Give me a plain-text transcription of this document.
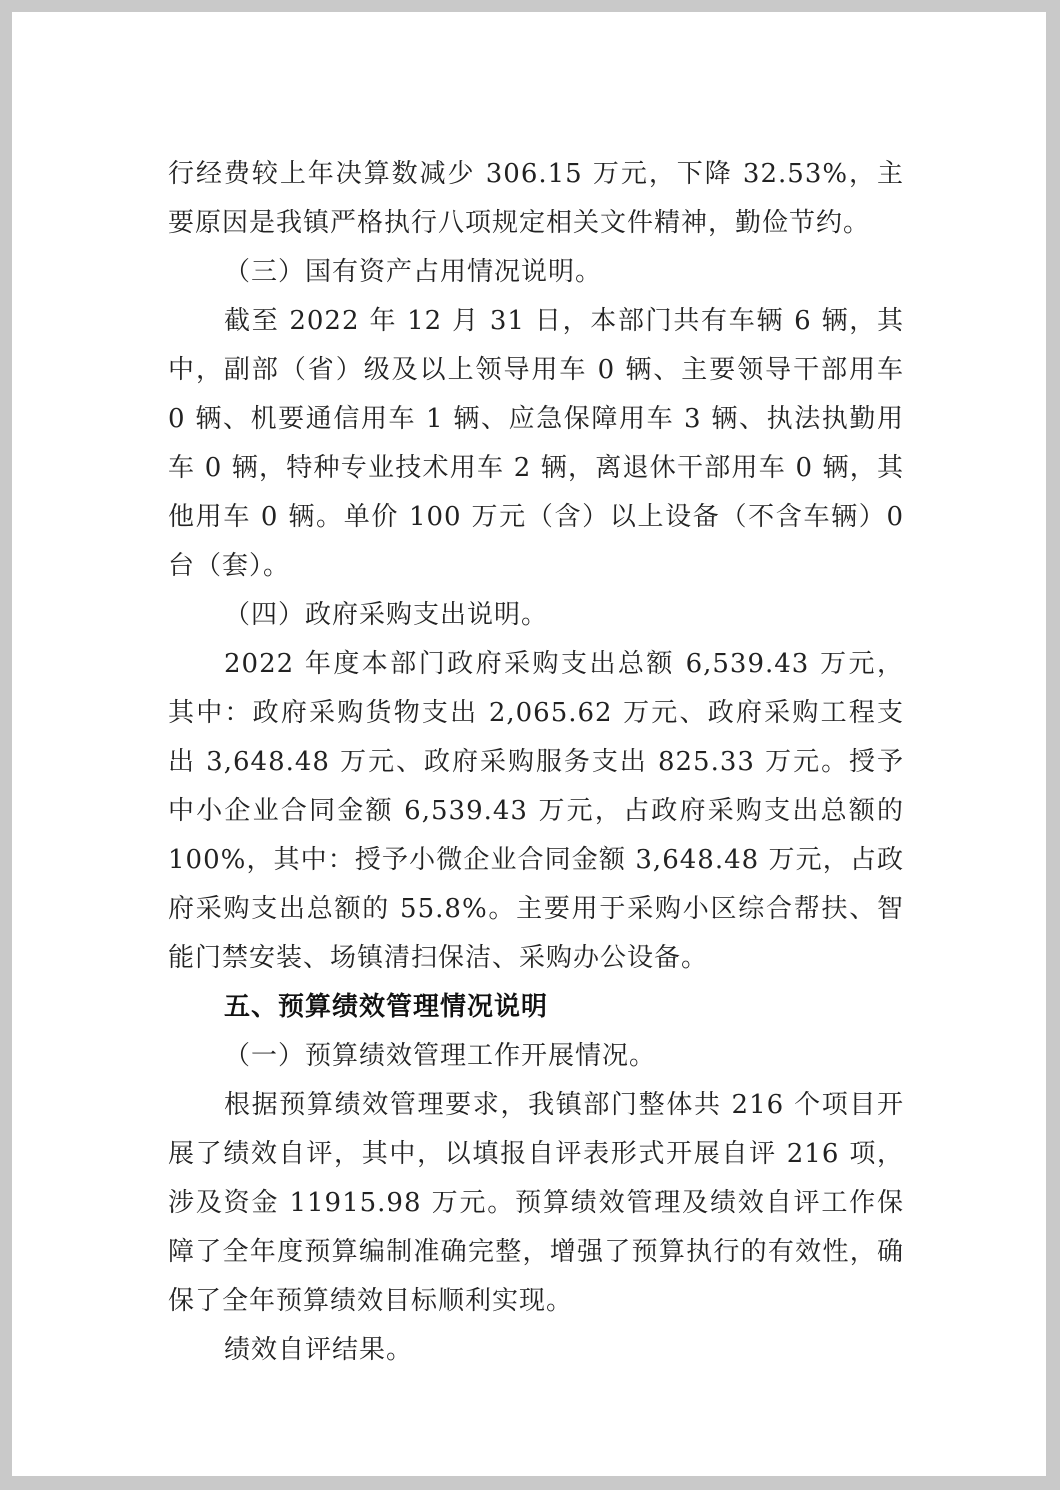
行经费较上年决算数减少 306.15 万元，下降 32.53%，主要原因是我镇严格执行八项规定相关文件精神，勤俭节约。

（三）国有资产占用情况说明。

截至 2022 年 12 月 31 日，本部门共有车辆 6 辆，其中，副部（省）级及以上领导用车 0 辆、主要领导干部用车 0 辆、机要通信用车 1 辆、应急保障用车 3 辆、执法执勤用车 0 辆，特种专业技术用车 2 辆，离退休干部用车 0 辆，其他用车 0 辆。单价 100 万元（含）以上设备（不含车辆）0 台（套）。

（四）政府采购支出说明。

2022 年度本部门政府采购支出总额 6,539.43 万元，其中：政府采购货物支出 2,065.62 万元、政府采购工程支出 3,648.48 万元、政府采购服务支出 825.33 万元。授予中小企业合同金额 6,539.43 万元，占政府采购支出总额的 100%，其中：授予小微企业合同金额 3,648.48 万元，占政府采购支出总额的 55.8%。主要用于采购小区综合帮扶、智能门禁安装、场镇清扫保洁、采购办公设备。

五、预算绩效管理情况说明

（一）预算绩效管理工作开展情况。

根据预算绩效管理要求，我镇部门整体共 216 个项目开展了绩效自评，其中，以填报自评表形式开展自评 216 项，涉及资金 11915.98 万元。预算绩效管理及绩效自评工作保障了全年度预算编制准确完整，增强了预算执行的有效性，确保了全年预算绩效目标顺利实现。

绩效自评结果。
